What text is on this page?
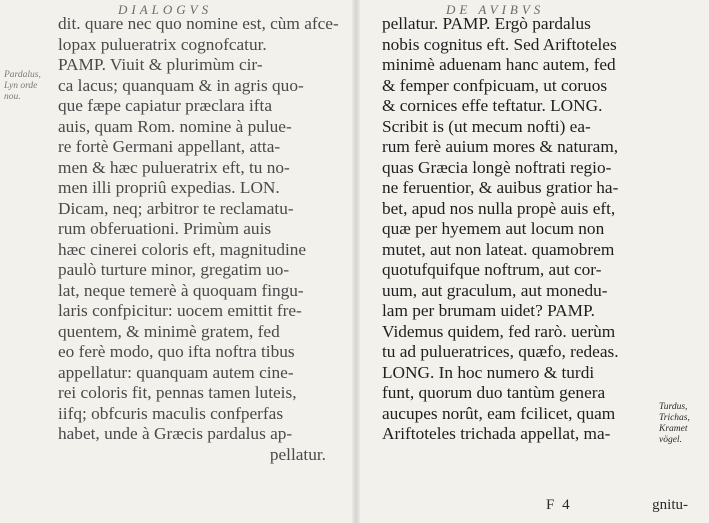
DIALOGVS
Pardalus,
Lyn orde
nou.
dit. quare nec quo nomine est, cùm afce-
lopax pulueratrix cognofcatur.
PAMP. Viuit & plurimùm cir-
ca lacus; quanquam & in agris quo-
que fæpe capiatur præclara ifta
auis, quam Rom. nomine à pulue-
re fortè Germani appellant, atta-
men & hæc pulueratrix eft, tu no-
men illi propriû expedias. LON.
Dicam, neq; arbitror te reclamatu-
rum obferuationi. Primùm auis
hæc cinerei coloris eft, magnitudine
paulò turture minor, gregatim uo-
lat, neque temerè à quoquam fingu-
laris confpicitur: uocem emittit fre-
quentem, & minimè gratem, fed
eo ferè modo, quo ifta noftra tibus
appellatur: quanquam autem cine-
rei coloris fit, pennas tamen luteis,
iifq; obfcuris maculis confperfas
habet, unde à Græcis pardalus ap-
pellatur.
DE AVIBVS
Turdus,
Trichas,
Kramet
vögel.
pellatur. PAMP. Ergò pardalus
nobis cognitus eft. Sed Ariftoteles
minimè aduenam hanc autem, fed
& femper confpicuam, ut coruos
& cornices effe teftatur. LONG.
Scribit is (ut mecum nofti) ea-
rum ferè auium mores & naturam,
quas Græcia longè noftrati regio-
ne feruentior, & auibus gratior ha-
bet, apud nos nulla propè auis eft,
quæ per hyemem aut locum non
mutet, aut non lateat. quamobrem
quotufquifque noftrum, aut cor-
uum, aut graculum, aut monedu-
lam per brumam uidet? PAMP.
Videmus quidem, fed rarò. uerùm
tu ad pulueratrices, quæfo, redeas.
LONG. In hoc numero & turdi
funt, quorum duo tantùm genera
aucupes norût, eam fcilicet, quam
Ariftoteles trichada appellat, ma-
F 4	gnitu-
